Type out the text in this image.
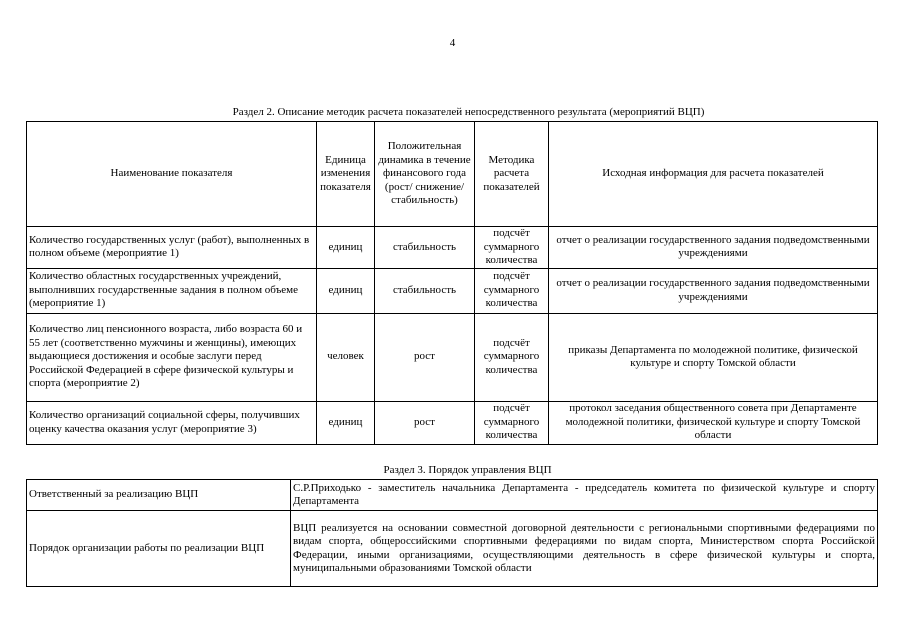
4
Раздел 2. Описание методик расчета показателей непосредственного результата (мероприятий ВЦП)
Наименование показателя	Единица изменения показателя	Положительная динамика в течение финансового года (рост/ снижение/ стабильность)	Методика расчета показателей	Исходная информация для расчета показателей
Количество государственных услуг (работ), выполненных в полном объеме (мероприятие 1)	единиц	стабильность	подсчёт суммарного количества	отчет о реализации государственного задания подведомственными учреждениями
Количество областных государственных учреждений, выполнивших государственные задания в полном объеме (мероприятие 1)	единиц	стабильность	подсчёт суммарного количества	отчет о реализации государственного задания подведомственными учреждениями
Количество лиц пенсионного возраста, либо возраста 60 и 55 лет (соответственно мужчины и женщины), имеющих выдающиеся достижения и особые заслуги перед Российской Федерацией в сфере физической культуры и спорта (мероприятие 2)	человек	рост	подсчёт суммарного количества	приказы Департамента по молодежной политике, физической культуре и спорту Томской области
Количество организаций социальной сферы, получивших оценку качества оказания услуг (мероприятие 3)	единиц	рост	подсчёт суммарного количества	протокол заседания общественного совета при Департаменте молодежной политики, физической культуре и спорту Томской области
Раздел 3. Порядок управления ВЦП
Ответственный за реализацию ВЦП	С.Р.Приходько - заместитель начальника Департамента - председатель комитета по физической культуре и спорту Департамента
Порядок организации работы по реализации ВЦП	ВЦП реализуется на основании совместной договорной деятельности с региональными спортивными федерациями по видам спорта, общероссийскими спортивными федерациями по видам спорта, Министерством спорта Российской Федерации, иными организациями, осуществляющими деятельность в сфере физической культуры и спорта, муниципальными образованиями Томской области
